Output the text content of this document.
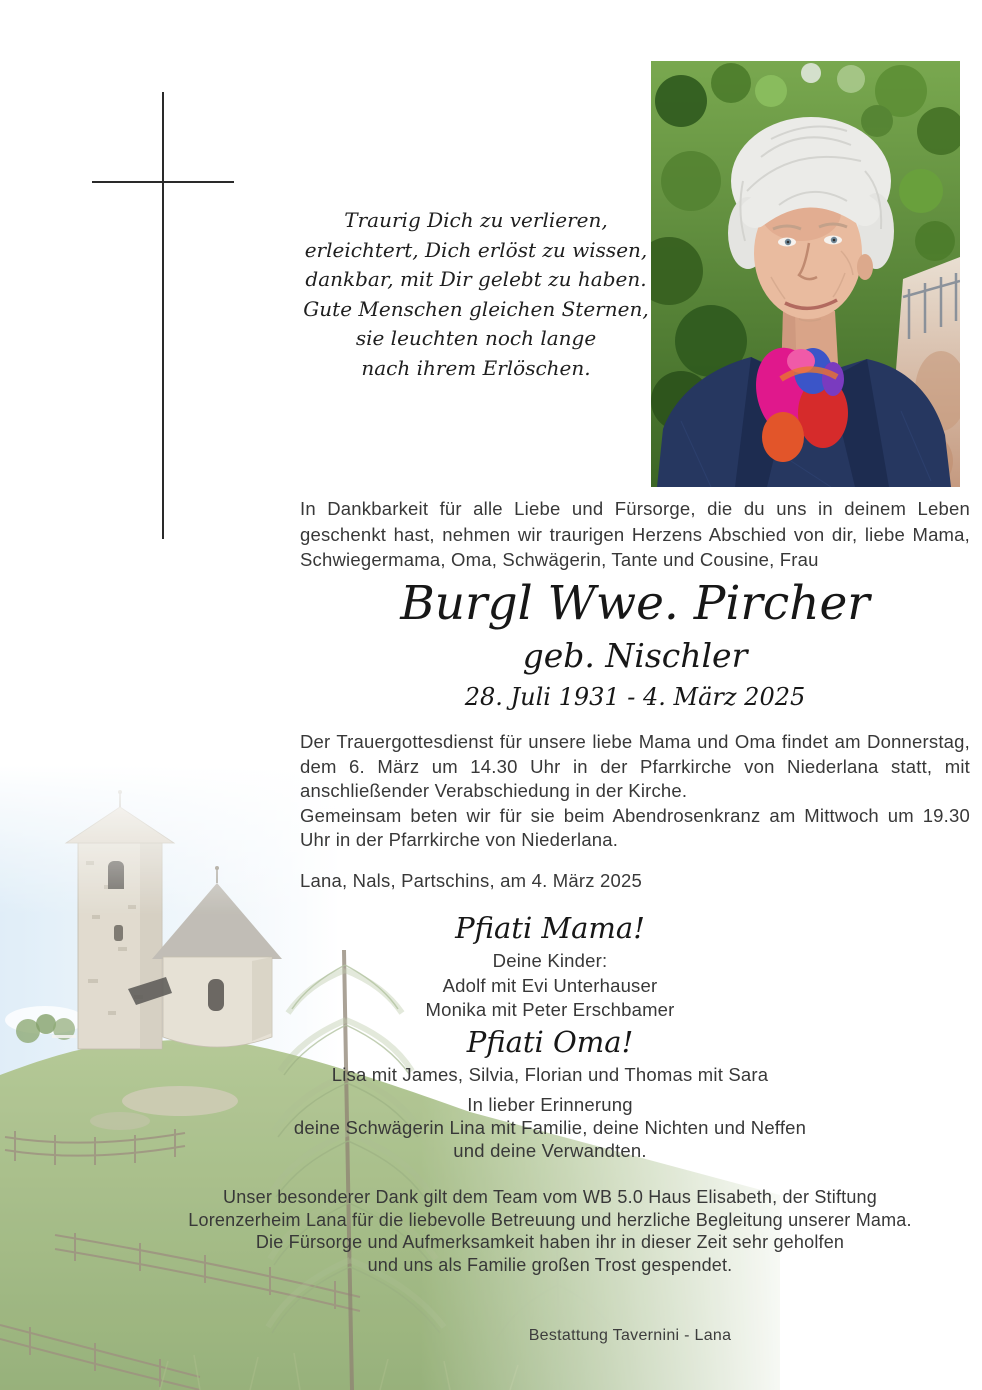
Traurig Dich zu verlieren,
erleichtert, Dich erlöst zu wissen,
dankbar, mit Dir gelebt zu haben.
Gute Menschen gleichen Sternen,
sie leuchten noch lange
nach ihrem Erlöschen.
In Dankbarkeit für alle Liebe und Fürsorge, die du uns in deinem Leben geschenkt hast, nehmen wir traurigen Herzens Abschied von dir, liebe Mama, Schwiegermama, Oma, Schwägerin, Tante und Cousine, Frau
Burgl Wwe. Pircher
geb. Nischler
28. Juli 1931 - 4. März 2025
Der Trauergottesdienst für unsere liebe Mama und Oma findet am Donnerstag, dem 6. März um 14.30 Uhr in der Pfarrkirche von Niederlana statt, mit anschließender Verabschiedung in der Kirche.
Gemeinsam beten wir für sie beim Abendrosenkranz am Mittwoch um 19.30 Uhr in der Pfarrkirche von Niederlana.
Lana, Nals, Partschins, am 4. März 2025
Pfiati Mama!
Deine Kinder:
Adolf mit Evi Unterhauser
Monika mit Peter Erschbamer
Pfiati Oma!
Lisa mit James, Silvia, Florian und Thomas mit Sara
In lieber Erinnerung
deine Schwägerin Lina mit Familie, deine Nichten und Neffen
und deine Verwandten.
Unser besonderer Dank gilt dem Team vom WB 5.0 Haus Elisabeth, der Stiftung
Lorenzerheim Lana für die liebevolle Betreuung und herzliche Begleitung unserer Mama.
Die Fürsorge und Aufmerksamkeit haben ihr in dieser Zeit sehr geholfen
und uns als Familie großen Trost gespendet.
Bestattung Tavernini - Lana
